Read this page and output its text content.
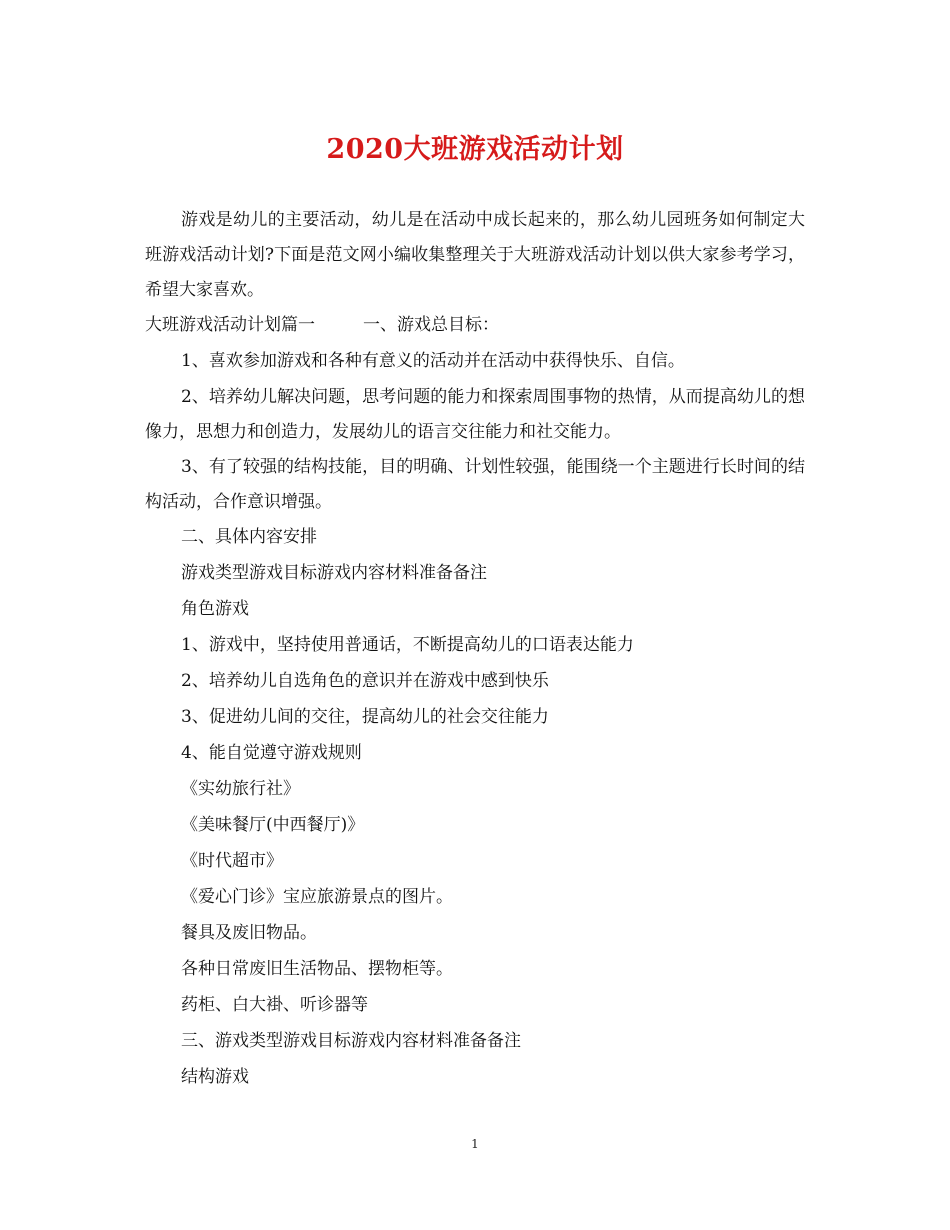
2020大班游戏活动计划

游戏是幼儿的主要活动，幼儿是在活动中成长起来的，那么幼儿园班务如何制定大班游戏活动计划?下面是范文网小编收集整理关于大班游戏活动计划以供大家参考学习，希望大家喜欢。

大班游戏活动计划篇一	一、游戏总目标：

1、喜欢参加游戏和各种有意义的活动并在活动中获得快乐、自信。

2、培养幼儿解决问题，思考问题的能力和探索周围事物的热情，从而提高幼儿的想像力，思想力和创造力，发展幼儿的语言交往能力和社交能力。

3、有了较强的结构技能，目的明确、计划性较强，能围绕一个主题进行长时间的结构活动，合作意识增强。

二、具体内容安排

游戏类型游戏目标游戏内容材料准备备注

角色游戏

1、游戏中，坚持使用普通话，不断提高幼儿的口语表达能力

2、培养幼儿自选角色的意识并在游戏中感到快乐

3、促进幼儿间的交往，提高幼儿的社会交往能力

4、能自觉遵守游戏规则

《实幼旅行社》

《美味餐厅(中西餐厅)》

《时代超市》

《爱心门诊》宝应旅游景点的图片。

餐具及废旧物品。

各种日常废旧生活物品、摆物柜等。

药柜、白大褂、听诊器等

三、游戏类型游戏目标游戏内容材料准备备注

结构游戏

1
